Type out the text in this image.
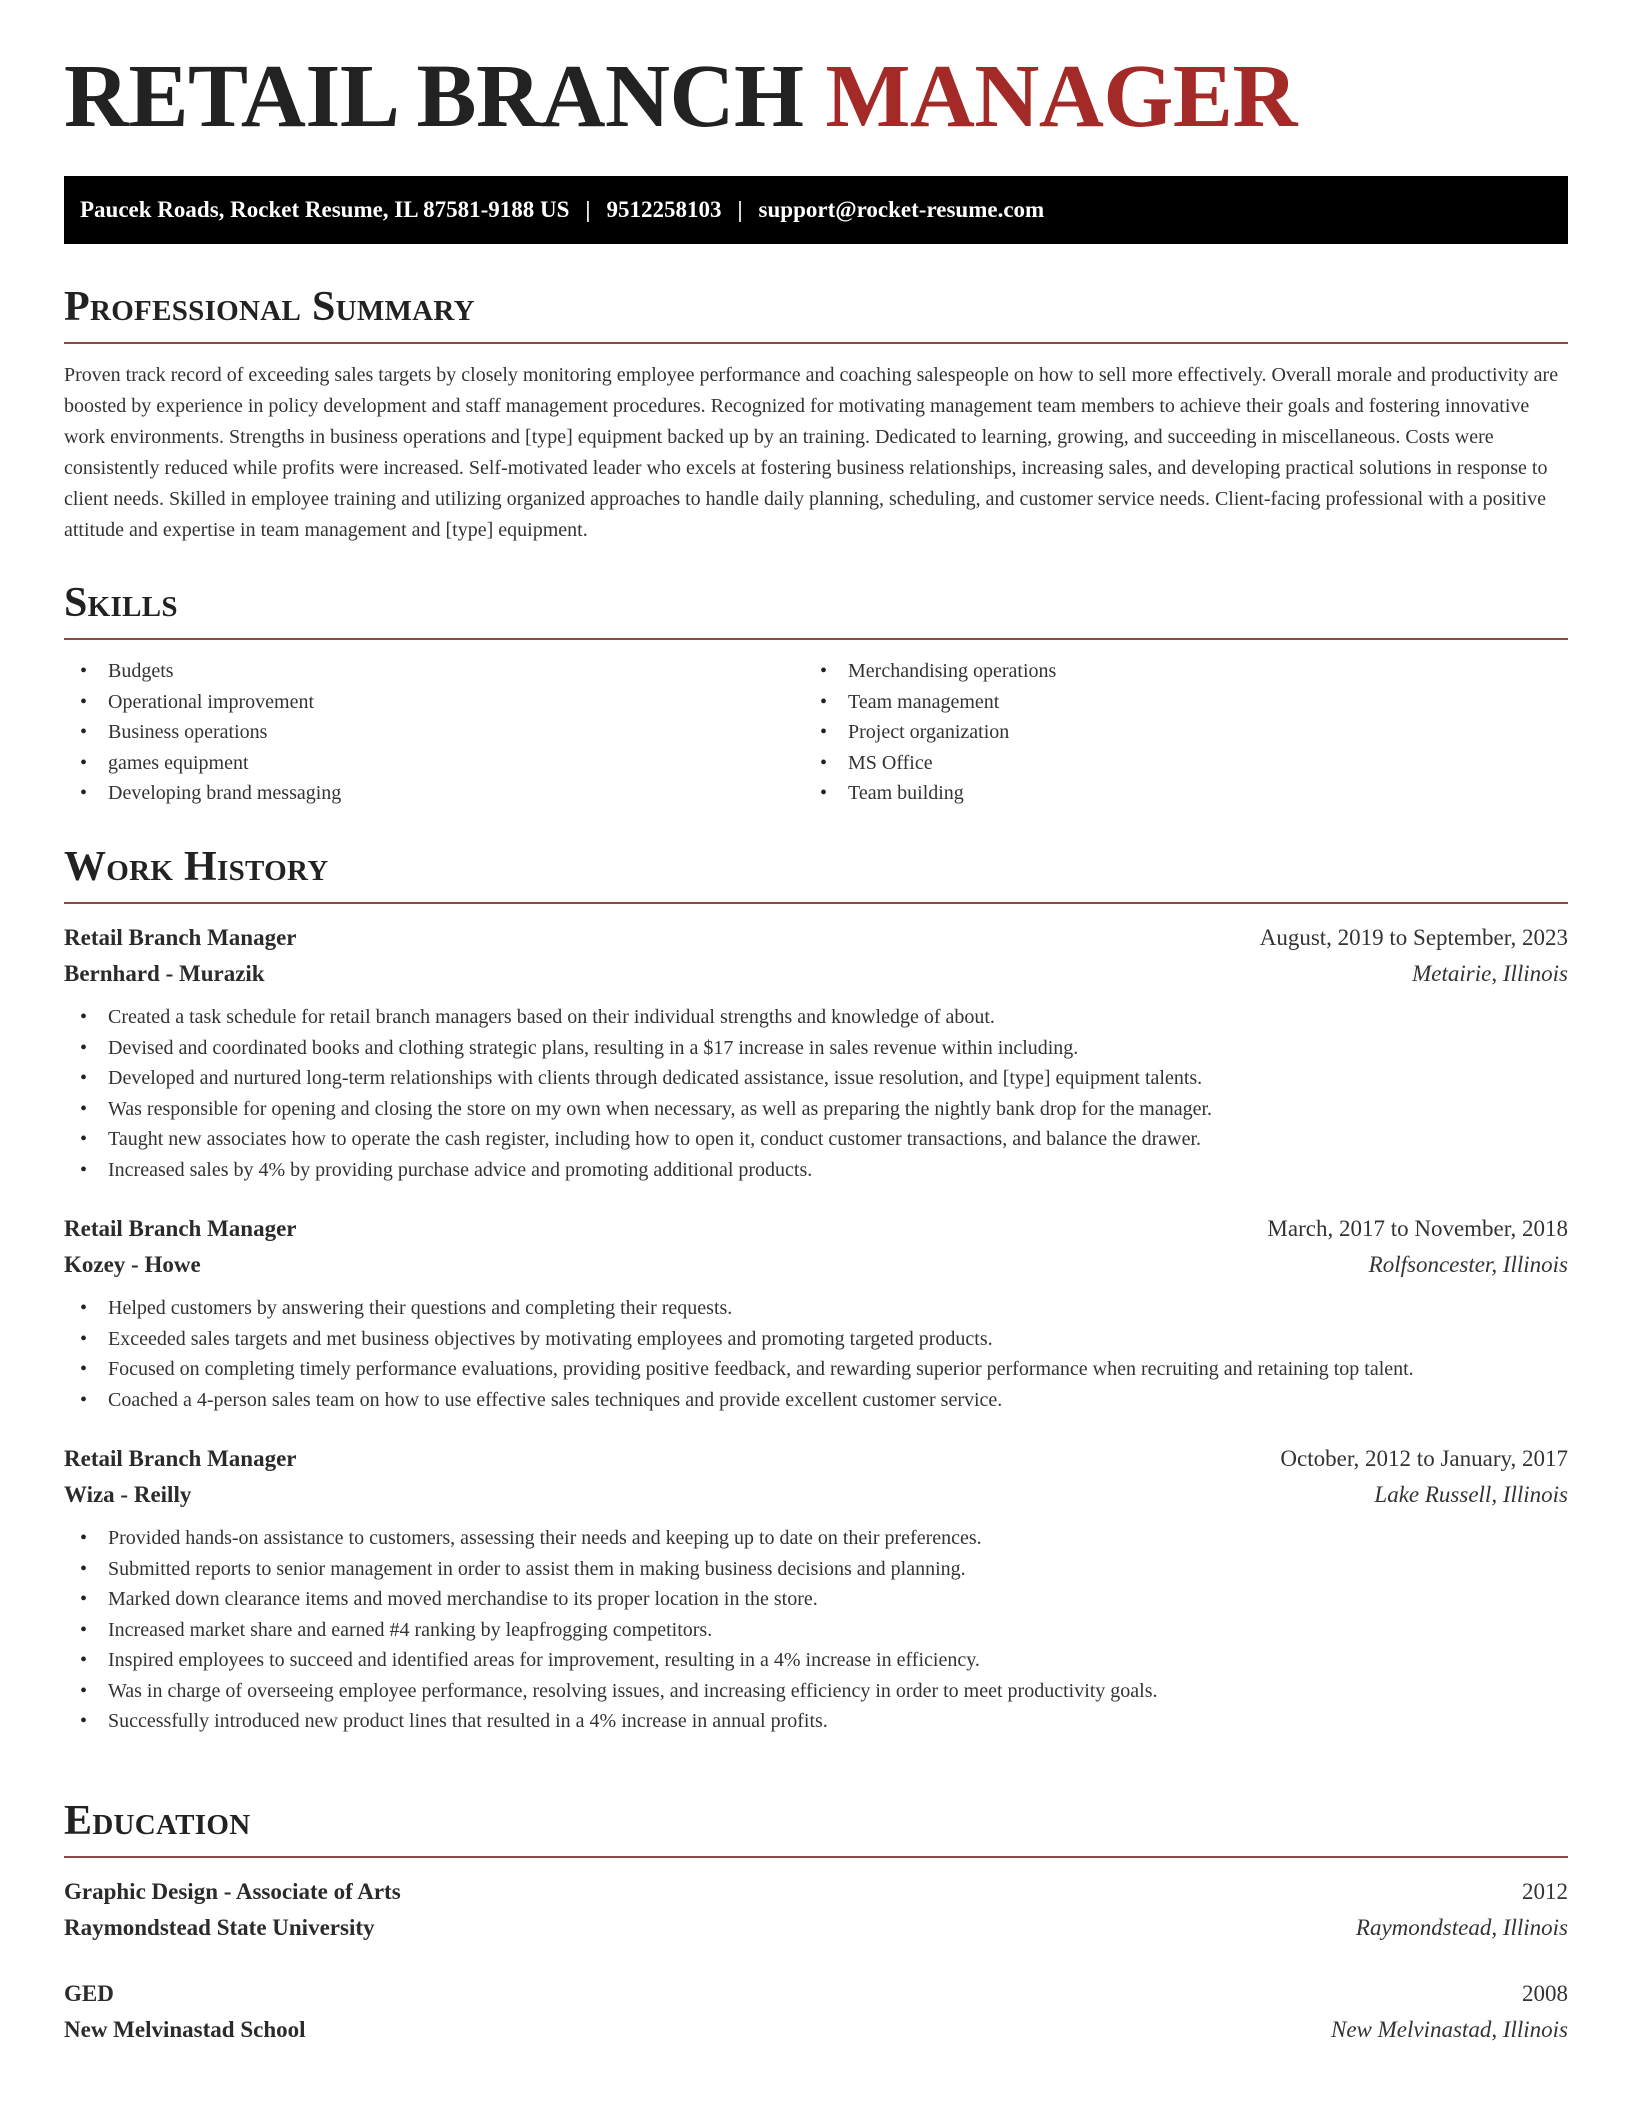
RETAIL BRANCH MANAGER
Paucek Roads, Rocket Resume, IL 87581-9188 US | 9512258103 | support@rocket-resume.com
Professional Summary

Proven track record of exceeding sales targets by closely monitoring employee performance and coaching salespeople on how to sell more effectively. Overall morale and productivity are boosted by experience in policy development and staff management procedures. Recognized for motivating management team members to achieve their goals and fostering innovative work environments. Strengths in business operations and [type] equipment backed up by an training. Dedicated to learning, growing, and succeeding in miscellaneous. Costs were consistently reduced while profits were increased. Self-motivated leader who excels at fostering business relationships, increasing sales, and developing practical solutions in response to client needs. Skilled in employee training and utilizing organized approaches to handle daily planning, scheduling, and customer service needs. Client-facing professional with a positive attitude and expertise in team management and [type] equipment.

Skills
• Budgets
• Operational improvement
• Business operations
• games equipment
• Developing brand messaging
• Merchandising operations
• Team management
• Project organization
• MS Office
• Team building
Work History
Retail Branch Manager	August, 2019 to September, 2023
Bernhard - Murazik	Metairie, Illinois
• Created a task schedule for retail branch managers based on their individual strengths and knowledge of about.
• Devised and coordinated books and clothing strategic plans, resulting in a $17 increase in sales revenue within including.
• Developed and nurtured long-term relationships with clients through dedicated assistance, issue resolution, and [type] equipment talents.
• Was responsible for opening and closing the store on my own when necessary, as well as preparing the nightly bank drop for the manager.
• Taught new associates how to operate the cash register, including how to open it, conduct customer transactions, and balance the drawer.
• Increased sales by 4% by providing purchase advice and promoting additional products.
Retail Branch Manager	March, 2017 to November, 2018
Kozey - Howe	Rolfsoncester, Illinois
• Helped customers by answering their questions and completing their requests.
• Exceeded sales targets and met business objectives by motivating employees and promoting targeted products.
• Focused on completing timely performance evaluations, providing positive feedback, and rewarding superior performance when recruiting and retaining top talent.
• Coached a 4-person sales team on how to use effective sales techniques and provide excellent customer service.
Retail Branch Manager	October, 2012 to January, 2017
Wiza - Reilly	Lake Russell, Illinois
• Provided hands-on assistance to customers, assessing their needs and keeping up to date on their preferences.
• Submitted reports to senior management in order to assist them in making business decisions and planning.
• Marked down clearance items and moved merchandise to its proper location in the store.
• Increased market share and earned #4 ranking by leapfrogging competitors.
• Inspired employees to succeed and identified areas for improvement, resulting in a 4% increase in efficiency.
• Was in charge of overseeing employee performance, resolving issues, and increasing efficiency in order to meet productivity goals.
• Successfully introduced new product lines that resulted in a 4% increase in annual profits.
Education
Graphic Design - Associate of Arts	2012
Raymondstead State University	Raymondstead, Illinois
GED	2008
New Melvinastad School	New Melvinastad, Illinois
